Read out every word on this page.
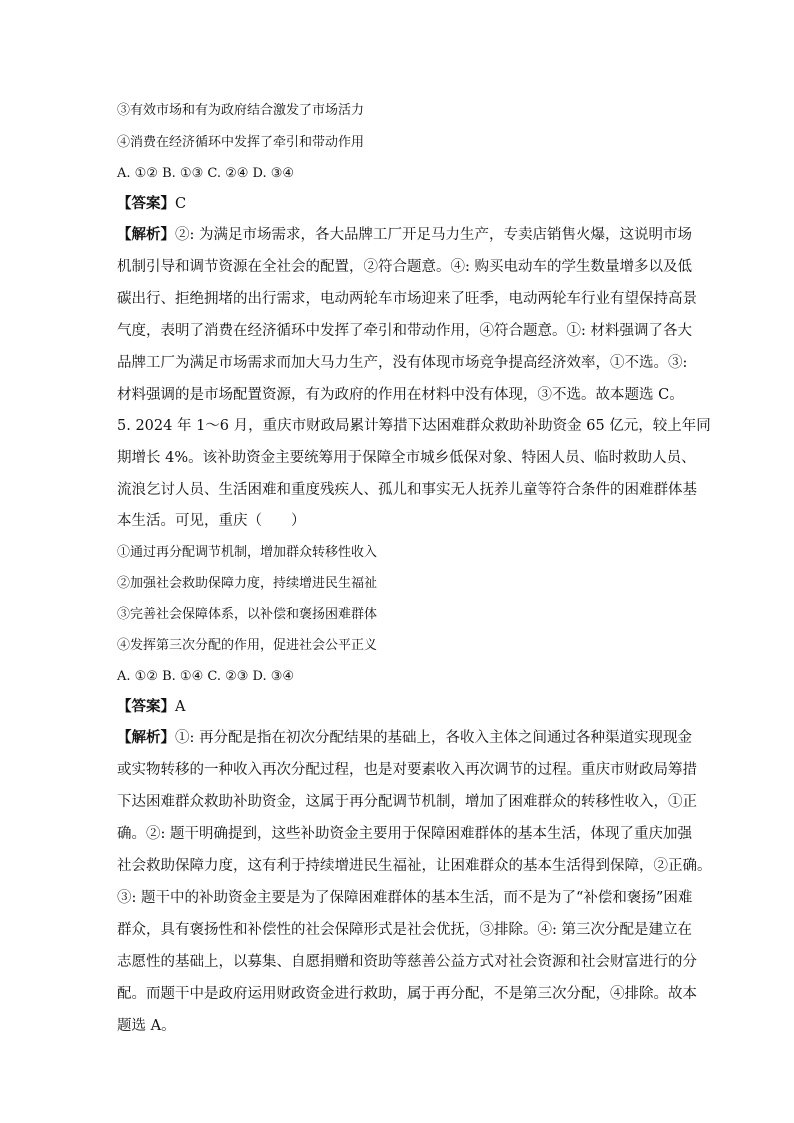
③有效市场和有为政府结合激发了市场活力
④消费在经济循环中发挥了牵引和带动作用
A. ①② B. ①③ C. ②④ D. ③④
【答案】C
【解析】②: 为满足市场需求，各大品牌工厂开足马力生产，专卖店销售火爆，这说明市场
机制引导和调节资源在全社会的配置，②符合题意。④: 购买电动车的学生数量增多以及低
碳出行、拒绝拥堵的出行需求，电动两轮车市场迎来了旺季，电动两轮车行业有望保持高景
气度，表明了消费在经济循环中发挥了牵引和带动作用，④符合题意。①: 材料强调了各大
品牌工厂为满足市场需求而加大马力生产，没有体现市场竞争提高经济效率，①不选。③:
材料强调的是市场配置资源，有为政府的作用在材料中没有体现，③不选。故本题选 C。
5. 2024 年 1～6 月，重庆市财政局累计筹措下达困难群众救助补助资金 65 亿元，较上年同
期增长 4%。该补助资金主要统筹用于保障全市城乡低保对象、特困人员、临时救助人员、
流浪乞讨人员、生活困难和重度残疾人、孤儿和事实无人抚养儿童等符合条件的困难群体基
本生活。可见，重庆（　　）
①通过再分配调节机制，增加群众转移性收入
②加强社会救助保障力度，持续增进民生福祉
③完善社会保障体系，以补偿和褒扬困难群体
④发挥第三次分配的作用，促进社会公平正义
A. ①② B. ①④ C. ②③ D. ③④
【答案】A
【解析】①: 再分配是指在初次分配结果的基础上，各收入主体之间通过各种渠道实现现金
或实物转移的一种收入再次分配过程，也是对要素收入再次调节的过程。重庆市财政局筹措
下达困难群众救助补助资金，这属于再分配调节机制，增加了困难群众的转移性收入，①正
确。②: 题干明确提到，这些补助资金主要用于保障困难群体的基本生活，体现了重庆加强
社会救助保障力度，这有利于持续增进民生福祉，让困难群众的基本生活得到保障，②正确。
③: 题干中的补助资金主要是为了保障困难群体的基本生活，而不是为了“补偿和褒扬”困难
群众，具有褒扬性和补偿性的社会保障形式是社会优抚，③排除。④: 第三次分配是建立在
志愿性的基础上，以募集、自愿捐赠和资助等慈善公益方式对社会资源和社会财富进行的分
配。而题干中是政府运用财政资金进行救助，属于再分配，不是第三次分配，④排除。故本
题选 A。
